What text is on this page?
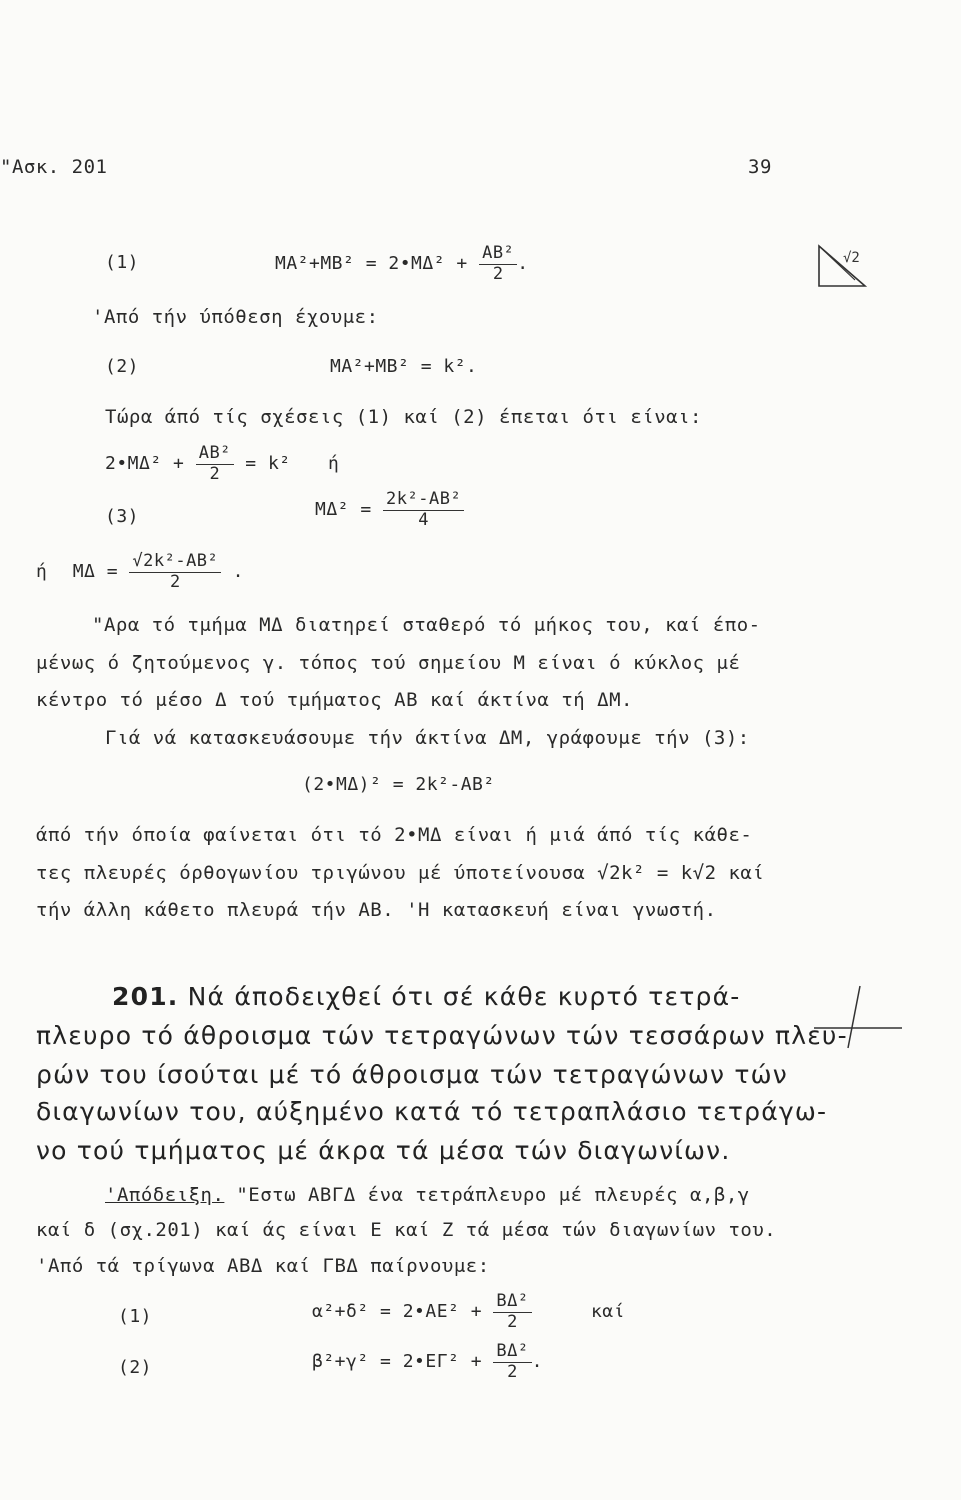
"Ασκ. 201	39
√2
(1)	MA²+MB² = 2•MΔ² + $\frac{\text{AB²}}{2}$ .
'Από τήν ύπόθεση έχουμε:
(2)	MA²+MB² = k².
Τώρα άπό τίς σχέσεις (1) καί (2) έπεται ότι είναι:
2•MΔ² + $\frac{\text{AB²}}{2} = k^2$ ή
(3)	$M\Delta^2 = \frac{\text{2k²-AB²}}{4}$
ή $M\Delta = \frac{\text{√2k²-AB²}}{2}$ .
"Αρα τό τμήμα MΔ διατηρεί σταθερό τό μήκος του, καί έπο-
μένως ό ζητούμενος γ. τόπος τού σημείου M είναι ό κύκλος μέ
κέντρο τό μέσο Δ τού τμήματος AB καί άκτίνα τή ΔM.
Γιά νά κατασκευάσουμε τήν άκτίνα ΔM, γράφουμε τήν (3):
(2•MΔ)² = 2k²-AB²
άπό τήν όποία φαίνεται ότι τό 2•MΔ είναι ή μιά άπό τίς κάθε-
τες πλευρές όρθογωνίου τριγώνου μέ ύποτείνουσα √2k² = k√2 καί
τήν άλλη κάθετο πλευρά τήν AB. 'H κατασκευή είναι γνωστή.
201. Νά άποδειχθεί ότι σέ κάθε κυρτό τετρά-
πλευρο τό άθροισμα τών τετραγώνων τών τεσσάρων πλευ-
ρών του ίσούται μέ τό άθροισμα τών τετραγώνων τών
διαγωνίων του, αύξημένο κατά τό τετραπλάσιο τετράγω-
νο τού τμήματος μέ άκρα τά μέσα τών διαγωνίων.
'Απόδειξη. "Εστω ΑΒΓΔ ένα τετράπλευρο μέ πλευρές α,β,γ
καί δ (σχ.201) καί άς είναι E καί Z τά μέσα τών διαγωνίων του.
'Από τά τρίγωνα ΑΒΔ καί ΓΒΔ παίρνουμε:
(1)	α²+δ² = 2•AE² + $\frac{\text{BΔ²}}{2}$	καί
(2)	β²+γ² = 2•EΓ² + $\frac{\text{BΔ²}}{2}$ .
